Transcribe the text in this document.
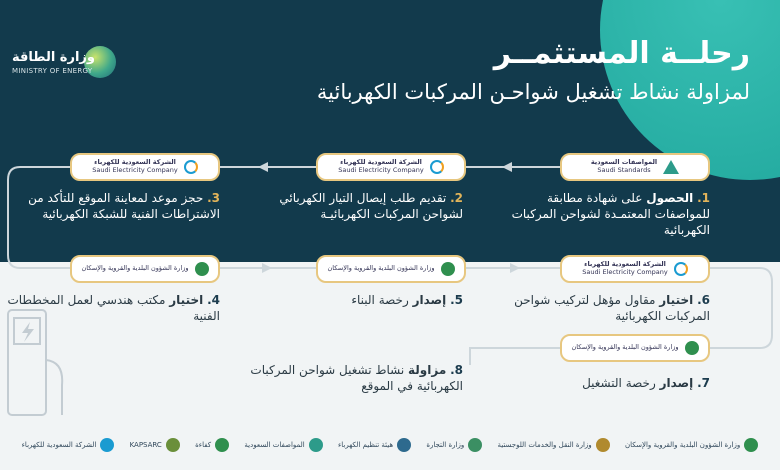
وزارة الطاقة
MINISTRY OF ENERGY	رحلــة المستثمــر
لمزاولة نشاط تشغيل شواحـن المركبات الكهربائية
1. الحصول على شهادة مطابقة للمواصفات المعتمـدة لشواحن المركبات الكهربائية
2. تقديم طلب إيصال التيار الكهربائي لشواحن المركبات الكهربائيـة
3. حجز موعد لمعاينة الموقع للتأكد من الاشتراطات الفنية للشبكة الكهربائية
المواصفات السعودية
Saudi Standards
الشركة السعودية للكهرباء
Saudi Electricity Company
الشركة السعودية للكهرباء
Saudi Electricity Company
وزارة الشؤون البلدية والقروية والإسكان	وزارة الشؤون البلدية والقروية والإسكان	الشركة السعودية للكهرباء
Saudi Electricity Company
وزارة الشؤون البلدية والقروية والإسكان
4. اختيار مكتب هندسي لعمل المخططات الفنية
5. إصدار رخصة البناء	6. اختيار مقاول مؤهل لتركيب شواحن المركبات الكهربائية
7. إصدار رخصة التشغيل
8. مزاولة نشاط تشغيل شواحن المركبات الكهربائية في الموقع
الشركة السعودية للكهرباء	KAPSARC	كفاءة	المواصفات السعودية	هيئة تنظيم الكهرباء	وزارة التجارة	وزارة النقل والخدمات اللوجستية	وزارة الشؤون البلدية والقروية والإسكان
